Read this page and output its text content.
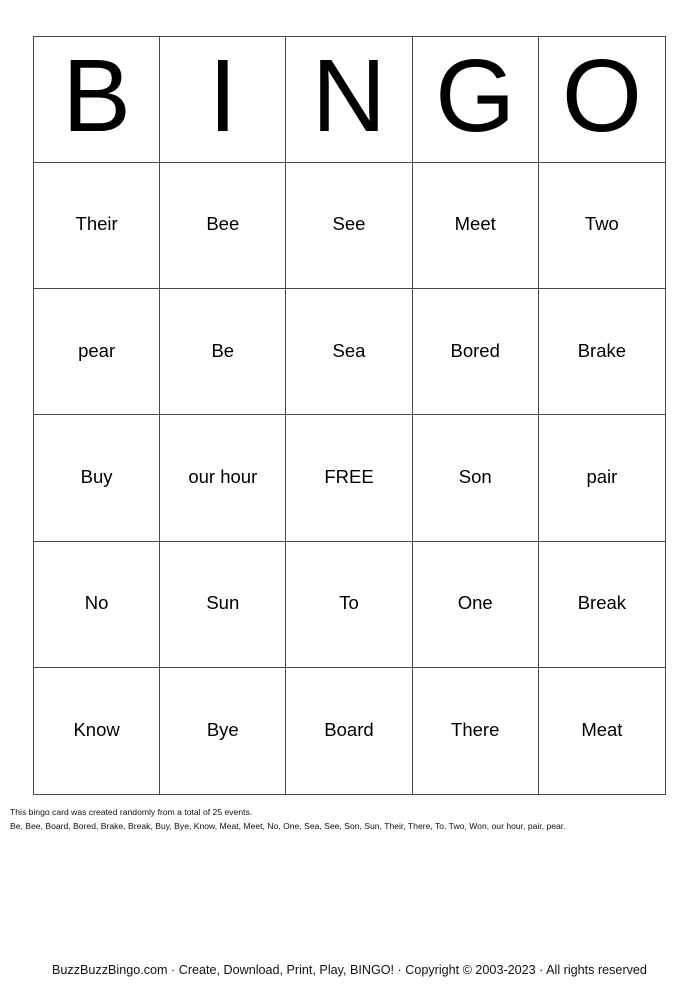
B I N G O
Their	Bee	See	Meet	Two
pear	Be	Sea	Bored	Brake
Buy	our hour	FREE	Son	pair
No	Sun	To	One	Break
Know	Bye	Board	There	Meat
This bingo card was created randomly from a total of 25 events.
Be, Bee, Board, Bored, Brake, Break, Buy, Bye, Know, Meat, Meet, No, One, Sea, See, Son, Sun, Their, There, To, Two, Won, our hour, pair, pear.
BuzzBuzzBingo.com · Create, Download, Print, Play, BINGO! · Copyright © 2003-2023 · All rights reserved
